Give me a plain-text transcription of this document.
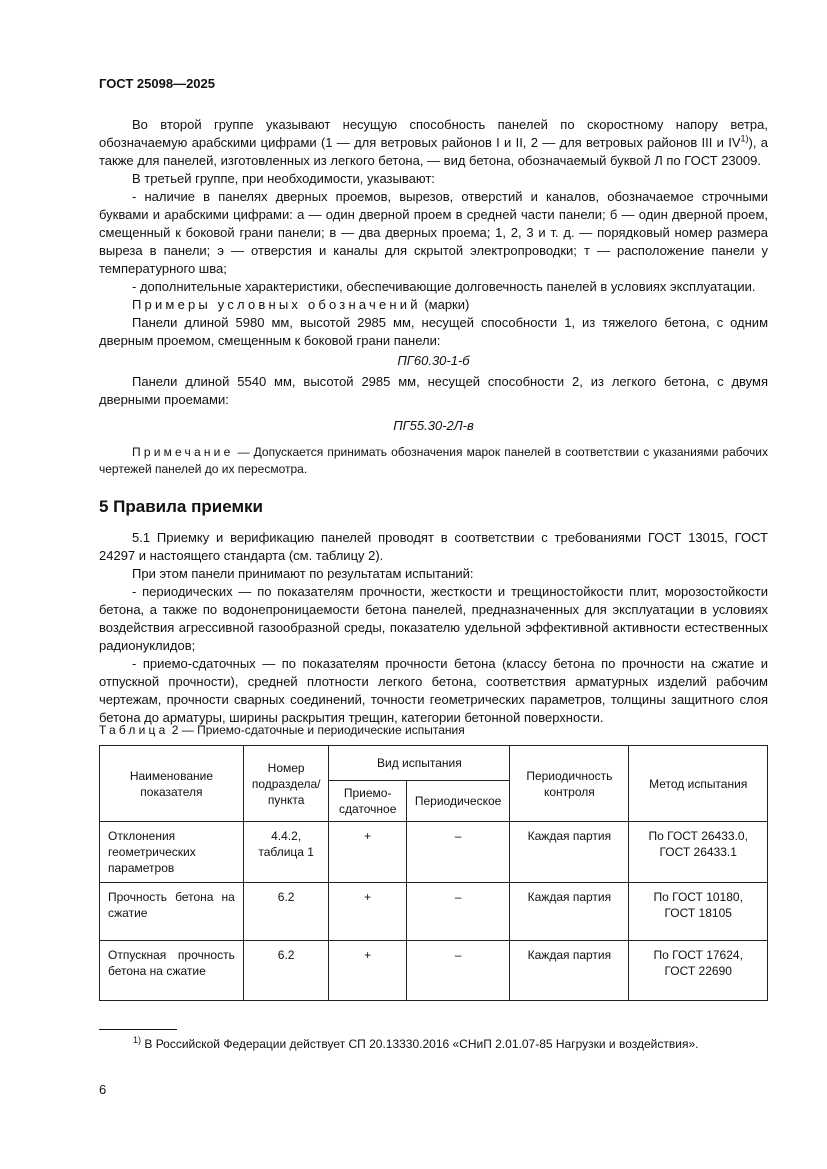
ГОСТ 25098—2025

Во второй группе указывают несущую способность панелей по скоростному напору ветра, обозначаемую арабскими цифрами (1 — для ветровых районов I и II, 2 — для ветровых районов III и IV$^{1)}$), а также для панелей, изготовленных из легкого бетона, — вид бетона, обозначаемый буквой Л по ГОСТ 23009.

В третьей группе, при необходимости, указывают:

- наличие в панелях дверных проемов, вырезов, отверстий и каналов, обозначаемое строчными буквами и арабскими цифрами: а — один дверной проем в средней части панели; б — один дверной проем, смещенный к боковой грани панели; в — два дверных проема; 1, 2, 3 и т. д. — порядковый номер размера выреза в панели; э — отверстия и каналы для скрытой электропроводки; т — расположение панели у температурного шва;

- дополнительные характеристики, обеспечивающие долговечность панелей в условиях эксплуатации.

Примеры условных обозначений (марки)

Панели длиной 5980 мм, высотой 2985 мм, несущей способности 1, из тяжелого бетона, с одним дверным проемом, смещенным к боковой грани панели:

ПГ60.30-1-б

Панели длиной 5540 мм, высотой 2985 мм, несущей способности 2, из легкого бетона, с двумя дверными проемами:

ПГ55.30-2Л-в

Примечание — Допускается принимать обозначения марок панелей в соответствии с указаниями рабочих чертежей панелей до их пересмотра.

5 Правила приемки

5.1 Приемку и верификацию панелей проводят в соответствии с требованиями ГОСТ 13015, ГОСТ 24297 и настоящего стандарта (см. таблицу 2).

При этом панели принимают по результатам испытаний:

- периодических — по показателям прочности, жесткости и трещиностойкости плит, морозостойкости бетона, а также по водонепроницаемости бетона панелей, предназначенных для эксплуатации в условиях воздействия агрессивной газообразной среды, показателю удельной эффективной активности естественных радионуклидов;

- приемо-сдаточных — по показателям прочности бетона (классу бетона по прочности на сжатие и отпускной прочности), средней плотности легкого бетона, соответствия арматурных изделий рабочим чертежам, прочности сварных соединений, точности геометрических параметров, толщины защитного слоя бетона до арматуры, ширины раскрытия трещин, категории бетонной поверхности.

Таблица 2 — Приемо-сдаточные и периодические испытания
Наименование показателя	Номер подраздела/ пункта	Вид испытания		Периодичность контроля	Метод испытания
		Приемо-сдаточное	Периодическое		
Отклонения геометрических параметров	4.4.2, таблица 1	+	–	Каждая партия	По ГОСТ 26433.0, ГОСТ 26433.1
Прочность бетона на сжатие	6.2	+	–	Каждая партия	По ГОСТ 10180, ГОСТ 18105
Отпускная прочность бетона на сжатие	6.2	+	–	Каждая партия	По ГОСТ 17624, ГОСТ 22690
$^{1)}$ В Российской Федерации действует СП 20.13330.2016 «СНиП 2.01.07-85 Нагрузки и воздействия».
6
